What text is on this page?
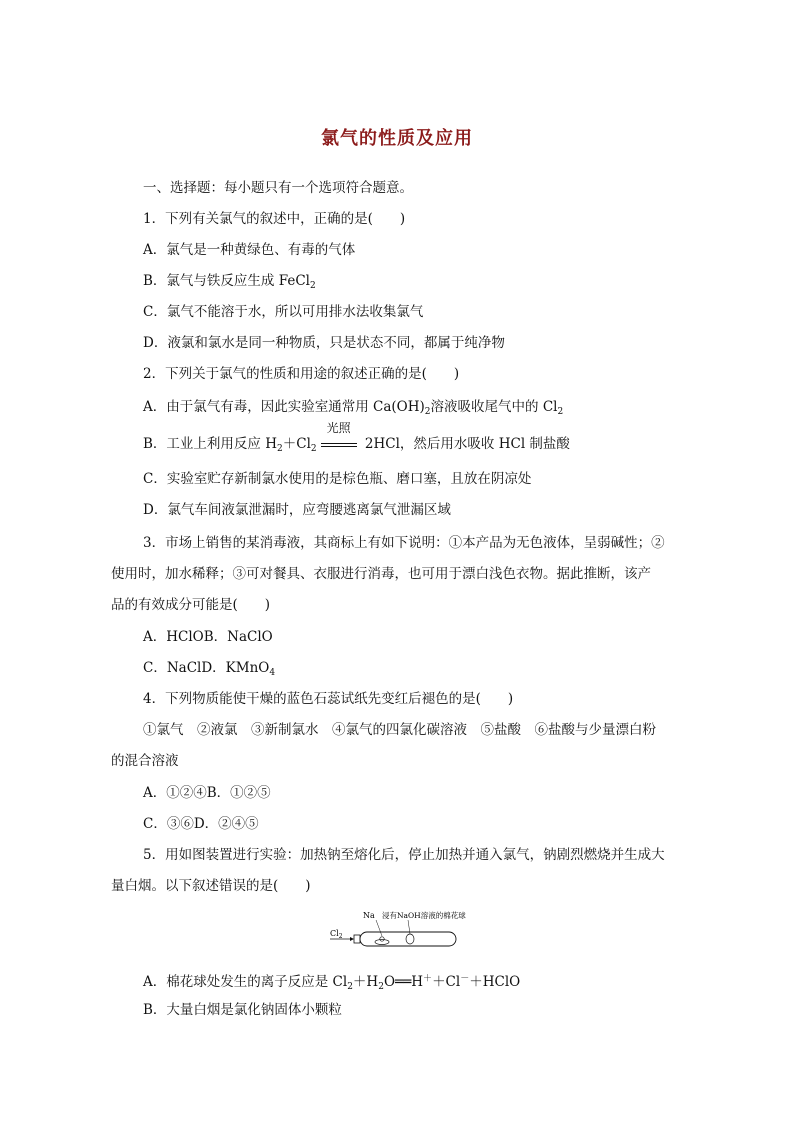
氯气的性质及应用
一、选择题：每小题只有一个选项符合题意。
1．下列有关氯气的叙述中，正确的是(　　)
A．氯气是一种黄绿色、有毒的气体
B．氯气与铁反应生成 FeCl$_2$
C．氯气不能溶于水，所以可用排水法收集氯气
D．液氯和氯水是同一种物质，只是状态不同，都属于纯净物
2．下列关于氯气的性质和用途的叙述正确的是(　　)
A．由于氯气有毒，因此实验室通常用 $Ca(OH)_2$溶液吸收尾气中的 $Cl_2$
B．工业上利用反应 $H_2+Cl_2$
光照
2HCl，然后用水吸收 HCl 制盐酸
C．实验室贮存新制氯水使用的是棕色瓶、磨口塞，且放在阴凉处
D．氯气车间液氯泄漏时，应弯腰逃离氯气泄漏区域
3．市场上销售的某消毒液，其商标上有如下说明：①本产品为无色液体，呈弱碱性；②
使用时，加水稀释；③可对餐具、衣服进行消毒，也可用于漂白浅色衣物。据此推断，该产
品的有效成分可能是(　　)
A．HClOB．NaClO
C．NaClD．KMnO$_4$
4．下列物质能使干燥的蓝色石蕊试纸先变红后褪色的是(　　)
①氯气　②液氯　③新制氯水　④氯气的四氯化碳溶液　⑤盐酸　⑥盐酸与少量漂白粉
的混合溶液
A．①②④B．①②⑤
C．③⑥D．②④⑤
5．用如图装置进行实验：加热钠至熔化后，停止加热并通入氯气，钠剧烈燃烧并生成大
量白烟。以下叙述错误的是(　　)
$Cl_2$
Na 浸有NaOH溶液的棉花球
A．棉花球处发生的离子反应是 $Cl_2+H_2O══H^++Cl^-+HClO$
B．大量白烟是氯化钠固体小颗粒
